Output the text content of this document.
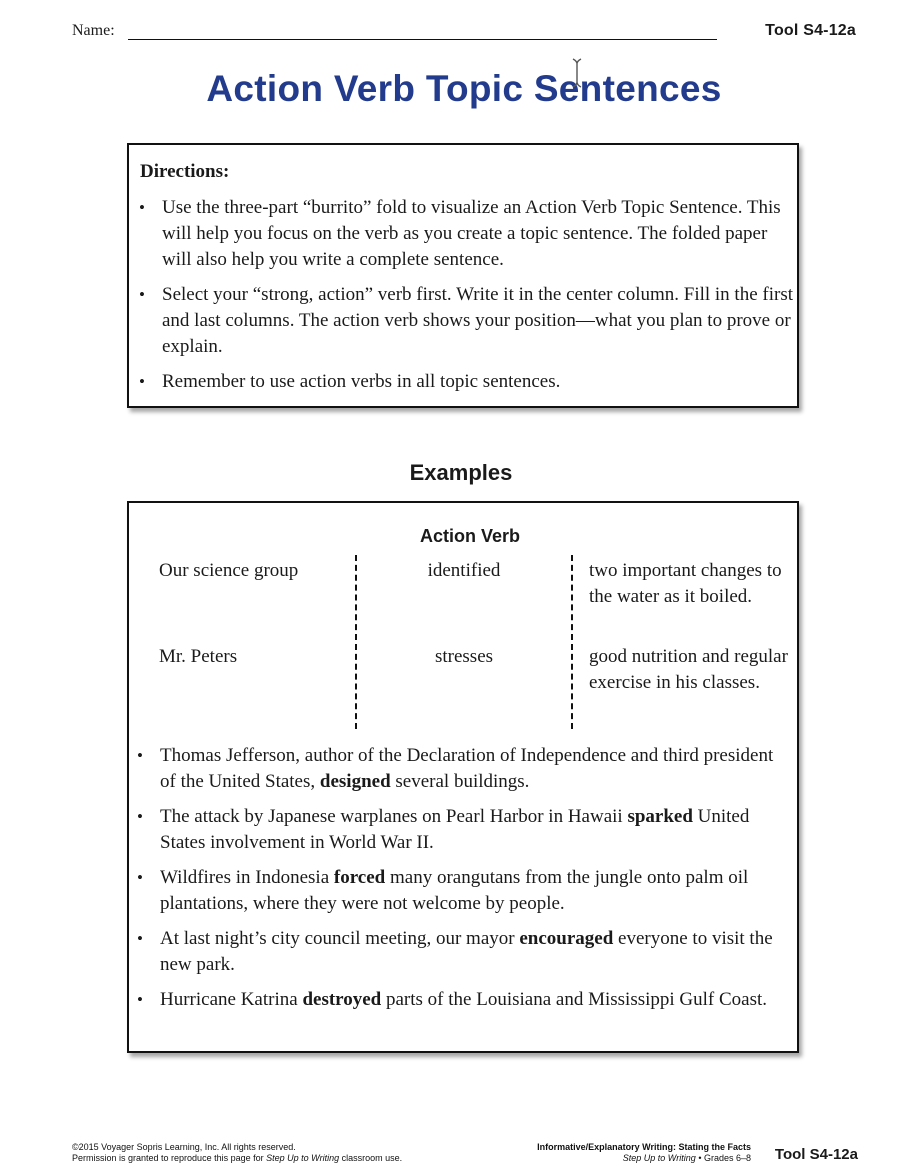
Name:	Tool S4-12a
Action Verb Topic Sentences
Directions:
• Use the three-part “burrito” fold to visualize an Action Verb Topic Sentence. This will help you focus on the verb as you create a topic sentence. The folded paper will also help you write a complete sentence.
• Select your “strong, action” verb first. Write it in the center column. Fill in the first and last columns. The action verb shows your position—what you plan to prove or explain.
• Remember to use action verbs in all topic sentences.
Examples
Action Verb
Our science group	identified	two important changes to the water as it boiled.
Mr. Peters	stresses	good nutrition and regular exercise in his classes.
• Thomas Jefferson, author of the Declaration of Independence and third president of the United States, designed several buildings.
• The attack by Japanese warplanes on Pearl Harbor in Hawaii sparked United States involvement in World War II.
• Wildfires in Indonesia forced many orangutans from the jungle onto palm oil plantations, where they were not welcome by people.
• At last night’s city council meeting, our mayor encouraged everyone to visit the new park.
• Hurricane Katrina destroyed parts of the Louisiana and Mississippi Gulf Coast.
©2015 Voyager Sopris Learning, Inc. All rights reserved.
Permission is granted to reproduce this page for Step Up to Writing classroom use.
Informative/Explanatory Writing: Stating the Facts
Step Up to Writing • Grades 6–8 Tool S4-12a
